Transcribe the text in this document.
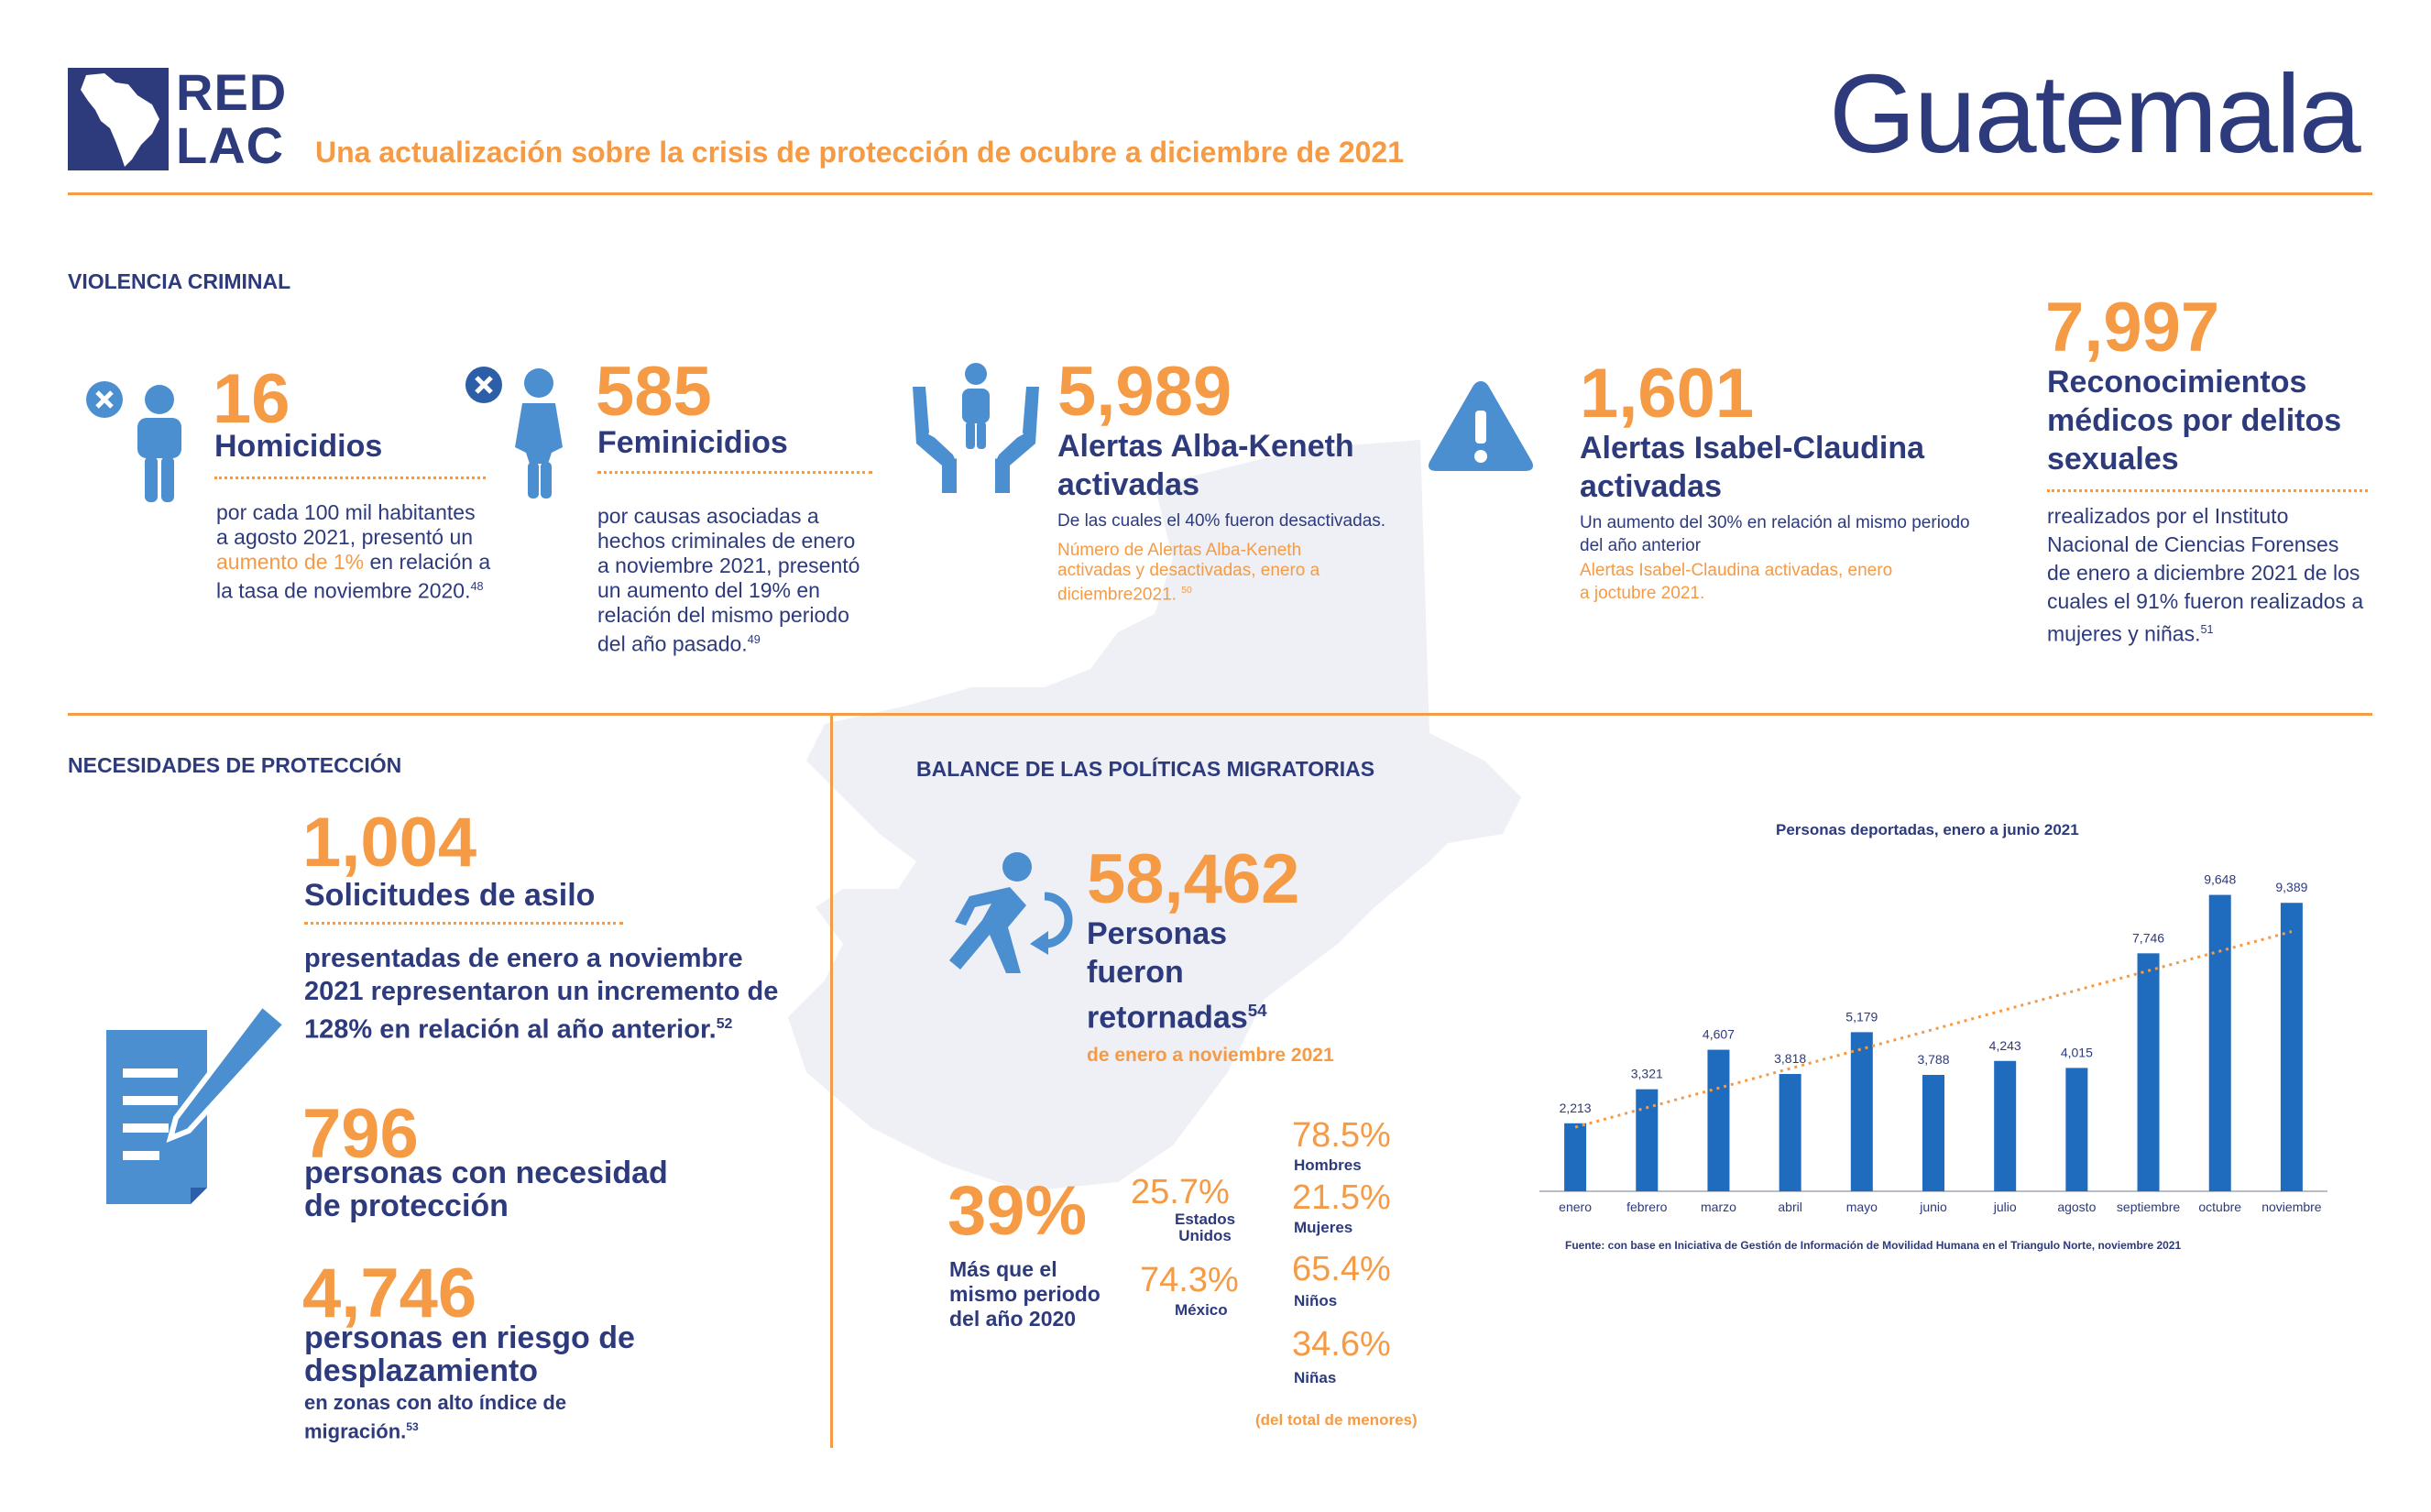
RED
LAC Una actualización sobre la crisis de protección de ocubre a diciembre de 2021	Guatemala
VIOLENCIA CRIMINAL
16
Homicidios
por cada 100 mil habitantes
a agosto 2021, presentó un
aumento de 1% en relación a
la tasa de noviembre 2020.48
585
Feminicidios
por causas asociadas a
hechos criminales de enero
a noviembre 2021, presentó
un aumento del 19% en
relación del mismo periodo
del año pasado.$^{49}$
5,989
Alertas Alba-Keneth
activadas
De las cuales el 40% fueron desactivadas.
Número de Alertas Alba-Keneth
activadas y desactivadas, enero a
diciembre2021. $^{50}$
1,601
Alertas Isabel-Claudina
activadas
Un aumento del 30% en relación al mismo periodo
del año anterior
Alertas Isabel-Claudina activadas, enero
a joctubre 2021.
7,997
Reconocimientos
médicos por delitos
sexuales
rrealizados por el Instituto
Nacional de Ciencias Forenses
de enero a diciembre 2021 de los
cuales el 91% fueron realizados a
mujeres y niñas.$^{51}$
NECESIDADES DE PROTECCIÓN
1,004
Solicitudes de asilo
presentadas de enero a noviembre
2021 representaron un incremento de
128% en relación al año anterior.$^{52}$
796
personas con necesidad
de protección
4,746
personas en riesgo de
desplazamiento
en zonas con alto índice de
migración.$^{53}$
BALANCE DE LAS POLÍTICAS MIGRATORIAS
58,462
Personas
fueron
retornadas$^{54}$
de enero a noviembre 2021
39%
Más que el
mismo periodo
del año 2020
25.7%
Estados
Unidos
74.3%
México
78.5%
Hombres
21.5%
Mujeres
65.4%
Niños
34.6%
Niñas
(del total de menores)
Personas deportadas, enero a junio 2021
2,213
enero
3,321
febrero
4,607
marzo
3,818
abril
5,179
mayo
3,788
junio
4,243
julio
4,015
agosto
7,746
septiembre
9,648
octubre
9,389
noviembre
Fuente: con base en Iniciativa de Gestión de Información de Movilidad Humana en el Triangulo Norte, noviembre 2021
